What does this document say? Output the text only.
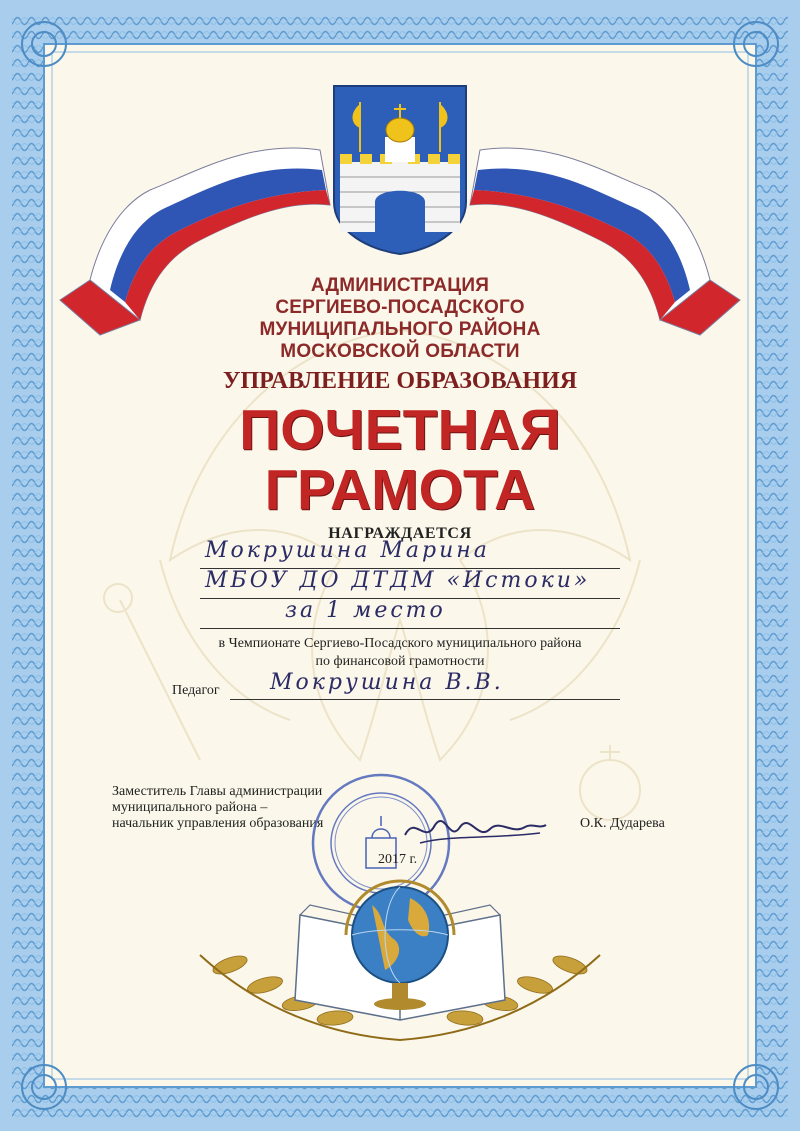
АДМИНИСТРАЦИЯ
СЕРГИЕВО-ПОСАДСКОГО
МУНИЦИПАЛЬНОГО РАЙОНА
МОСКОВСКОЙ ОБЛАСТИ
УПРАВЛЕНИЕ ОБРАЗОВАНИЯ
ПОЧЕТНАЯ
ГРАМОТА
НАГРАЖДАЕТСЯ
Мокрушина Марина
МБОУ ДО ДТДМ «Истоки»
за 1 место
в Чемпионате Сергиево-Посадского муниципального района
по финансовой грамотности
Педагог Мокрушина В.В.
Заместитель Главы администрации
муниципального района –
начальник управления образования	О.К. Дударева
2017 г.
